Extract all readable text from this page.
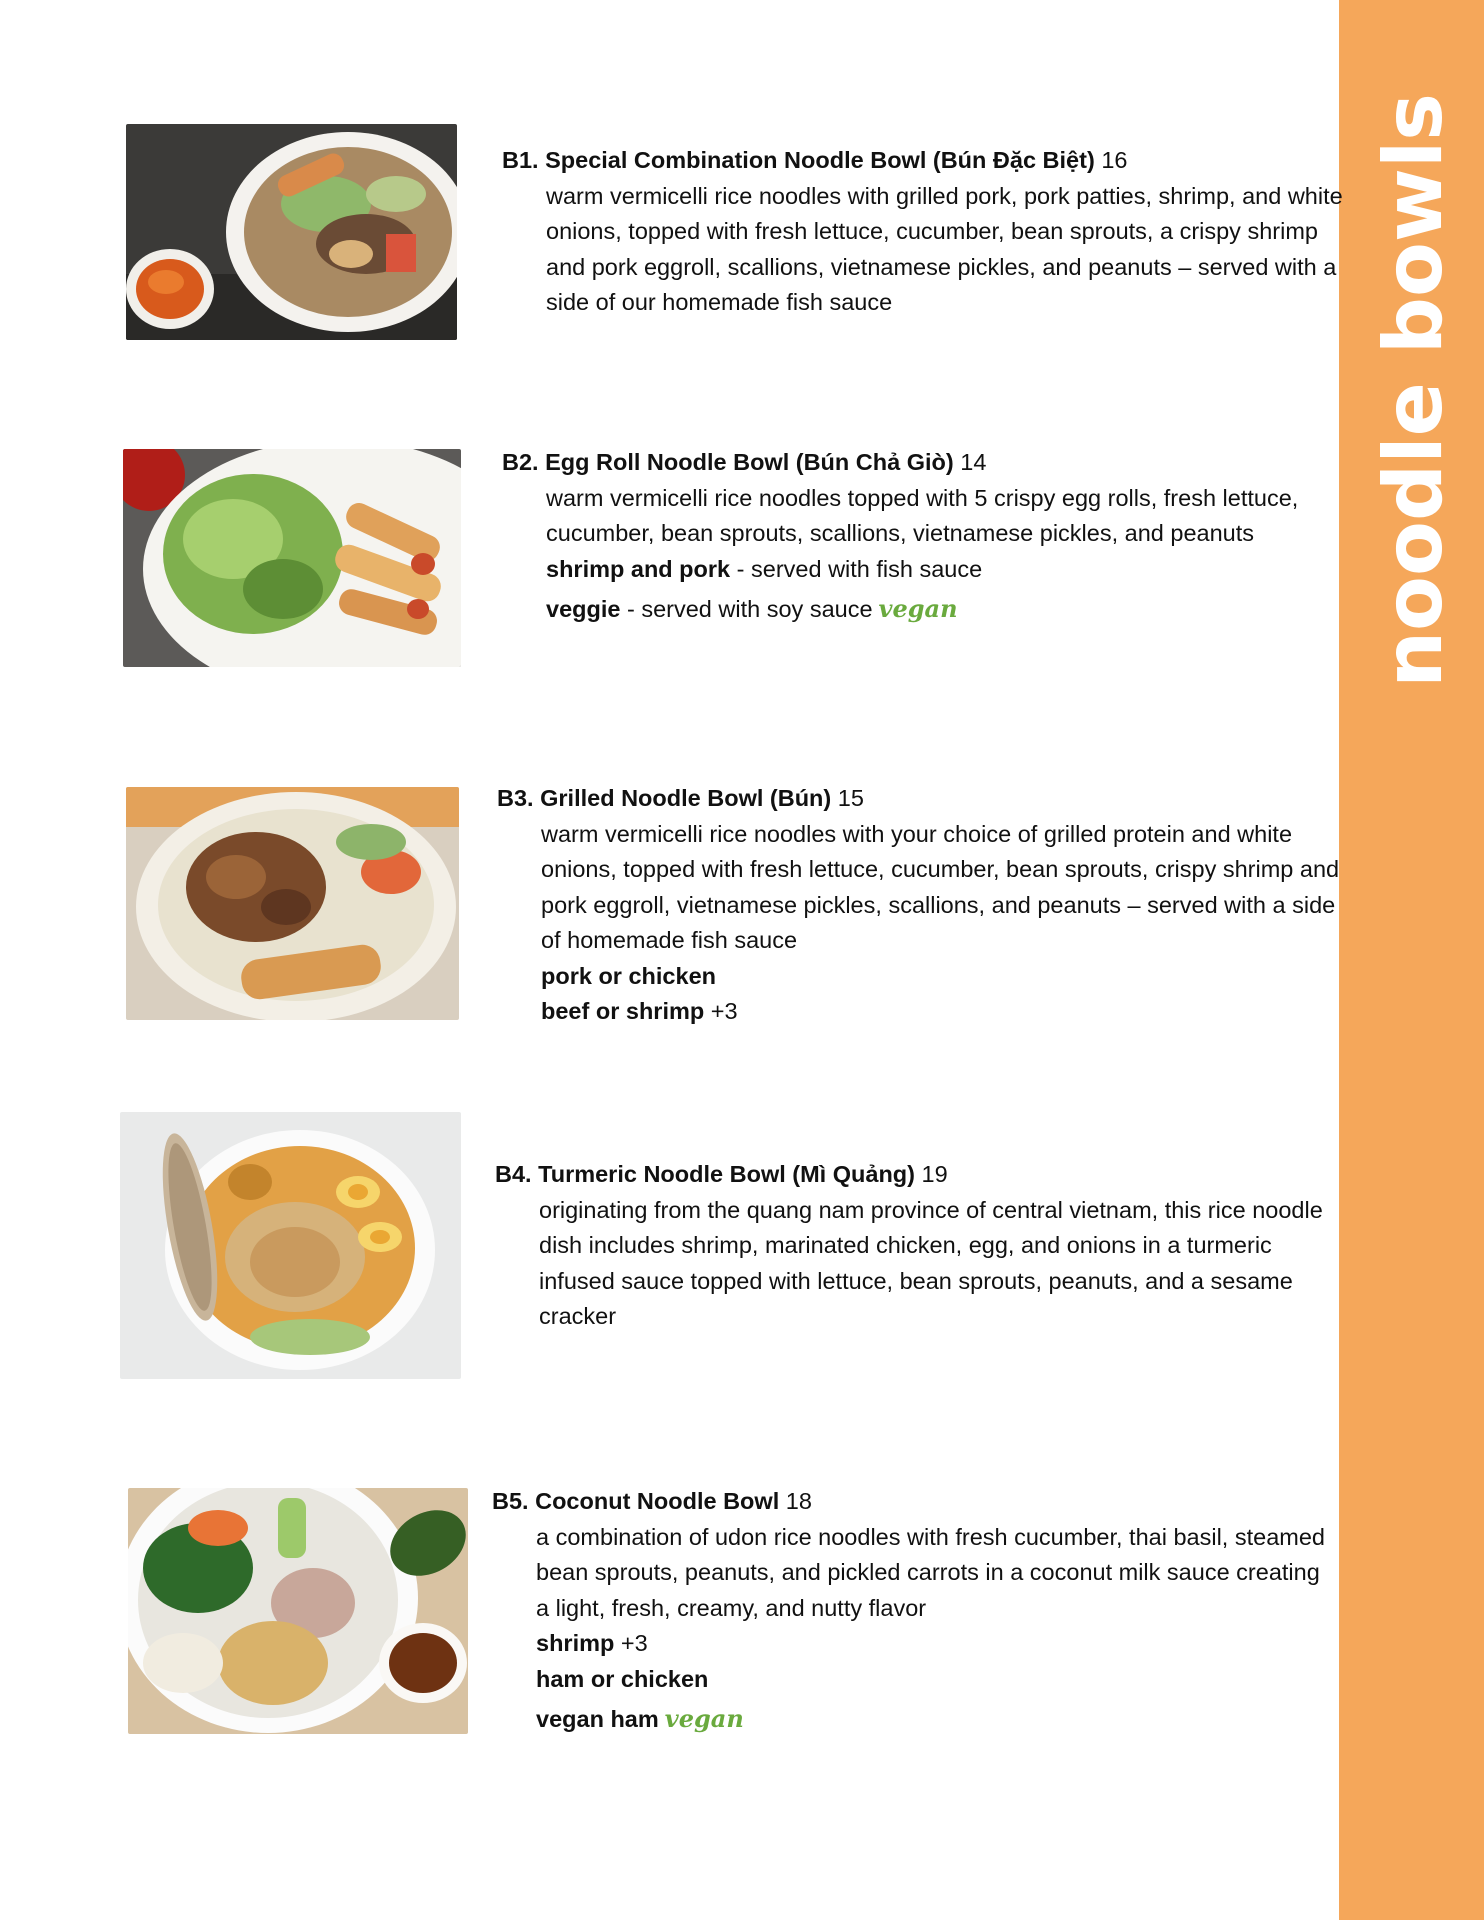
noodle bowls
B1. Special Combination Noodle Bowl (Bún Đặc Biệt) 16
warm vermicelli rice noodles with grilled pork, pork patties, shrimp, and white onions, topped with fresh lettuce, cucumber, bean sprouts, a crispy shrimp and pork eggroll, scallions, vietnamese pickles, and peanuts – served with a side of our homemade fish sauce
B2. Egg Roll Noodle Bowl (Bún Chả Giò) 14
warm vermicelli rice noodles topped with 5 crispy egg rolls, fresh lettuce, cucumber, bean sprouts, scallions, vietnamese pickles, and peanuts
shrimp and pork - served with fish sauce
veggie - served with soy sauce vegan
B3. Grilled Noodle Bowl (Bún) 15
warm vermicelli rice noodles with your choice of grilled protein and white onions, topped with fresh lettuce, cucumber, bean sprouts, crispy shrimp and pork eggroll, vietnamese pickles, scallions, and peanuts – served with a side of homemade fish sauce
pork or chicken
beef or shrimp +3
B4. Turmeric Noodle Bowl (Mì Quảng) 19
originating from the quang nam province of central vietnam, this rice noodle dish includes shrimp, marinated chicken, egg, and onions in a turmeric infused sauce topped with lettuce, bean sprouts, peanuts, and a sesame cracker
B5. Coconut Noodle Bowl 18
a combination of udon rice noodles with fresh cucumber, thai basil, steamed bean sprouts, peanuts, and pickled carrots in a coconut milk sauce creating a light, fresh, creamy, and nutty flavor
shrimp +3
ham or chicken
vegan ham vegan
